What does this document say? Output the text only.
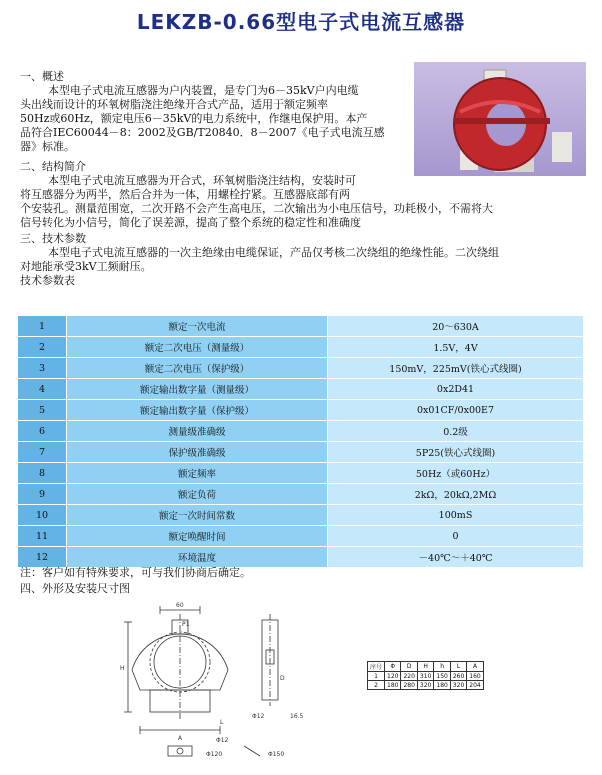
LEKZB-0.66型电子式电流互感器
一、概述
本型电子式电流互感器为户内装置，是专门为6－35kV户内电缆
头出线而设计的环氧树脂浇注绝缘开合式产品，适用于额定频率
50Hz或60Hz，额定电压6－35kV的电力系统中，作继电保护用。本产
品符合IEC60044－8：2002及GB/T20840．8－2007《电子式电流互感
器》标准。
二、结构简介
本型电子式电流互感器为开合式，环氧树脂浇注结构，安装时可
将互感器分为两半，然后合并为一体，用螺栓拧紧。互感器底部有两
个安装孔。测量范围宽，二次开路不会产生高电压，二次输出为小电压信号，功耗极小，不需将大
信号转化为小信号，简化了误差源，提高了整个系统的稳定性和准确度
三、技术参数
本型电子式电流互感器的一次主绝缘由电缆保证，产品仅考核二次绕组的绝缘性能。二次绕组
对地能承受3kV工频耐压。
技术参数表
1	额定一次电流	20～630A
2	额定二次电压（测量级）	1.5V，4V
3	额定二次电压（保护级）	150mV，225mV(铁心式线圈)
4	额定输出数字量（测量级）	0x2D41
5	额定输出数字量（保护级）	0x01CF/0x00E7
6	测量级准确级	0.2级
7	保护级准确级	5P25(铁心式线圈)
8	额定频率	50Hz（或60Hz）
9	额定负荷	2kΩ，20kΩ,2MΩ
10	额定一次时间常数	100mS
11	额定唤醒时间	0
12	环境温度	－40℃～＋40℃
注：客户如有特殊要求，可与我们协商后确定。
四、外形及安装尺寸图
60
P1
H
A
L
D
Φ12
Φ12
16.5
Φ120	Φ150
序号	Φ	D	H	h	L	A
1	120	220	310	150	260	160
2	180	280	320	180	320	204
